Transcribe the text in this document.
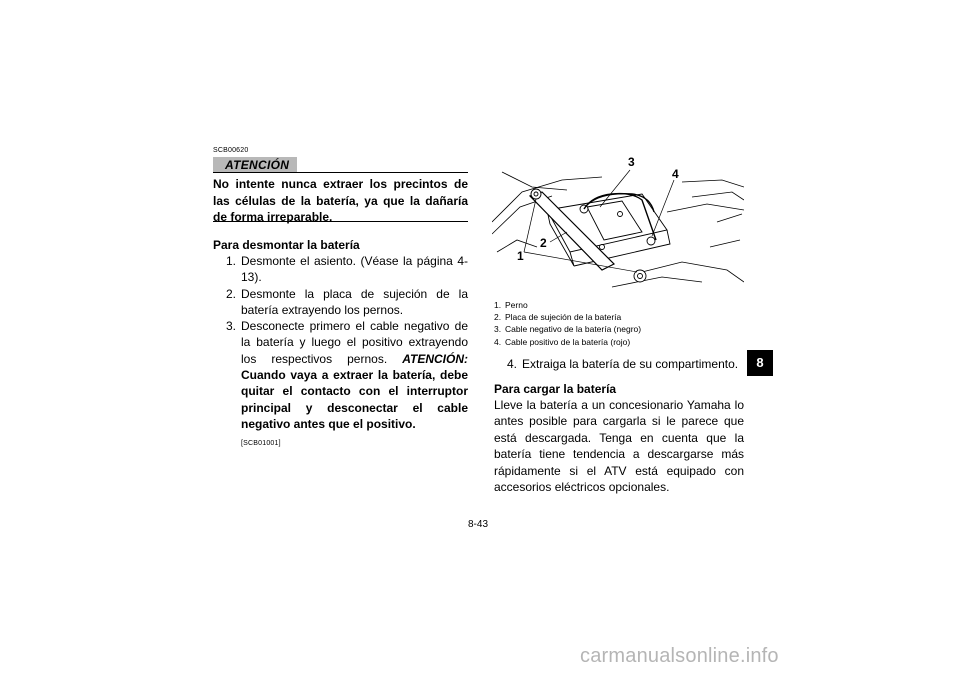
SCB00620
ATENCIÓN
No intente nunca extraer los precintos de las células de la batería, ya que la dañaría de forma irreparable.
Para desmontar la batería
1. Desmonte el asiento. (Véase la página 4-13).
2. Desmonte la placa de sujeción de la batería extrayendo los pernos.
3. Desconecte primero el cable negativo de la batería y luego el positivo extrayendo los respectivos pernos. ATENCIÓN: Cuando vaya a extraer la batería, debe quitar el contacto con el interruptor principal y desconectar el cable negativo antes que el positivo.
[SCB01001]
1
2
3
4
1. Perno
2. Placa de sujeción de la batería
3. Cable negativo de la batería (negro)
4. Cable positivo de la batería (rojo)
4. Extraiga la batería de su compartimento.
Para cargar la batería
Lleve la batería a un concesionario Yamaha lo antes posible para cargarla si le parece que está descargada. Tenga en cuenta que la batería tiene tendencia a descargarse más rápidamente si el ATV está equipado con accesorios eléctricos opcionales.
8-43
8
carmanualsonline.info
